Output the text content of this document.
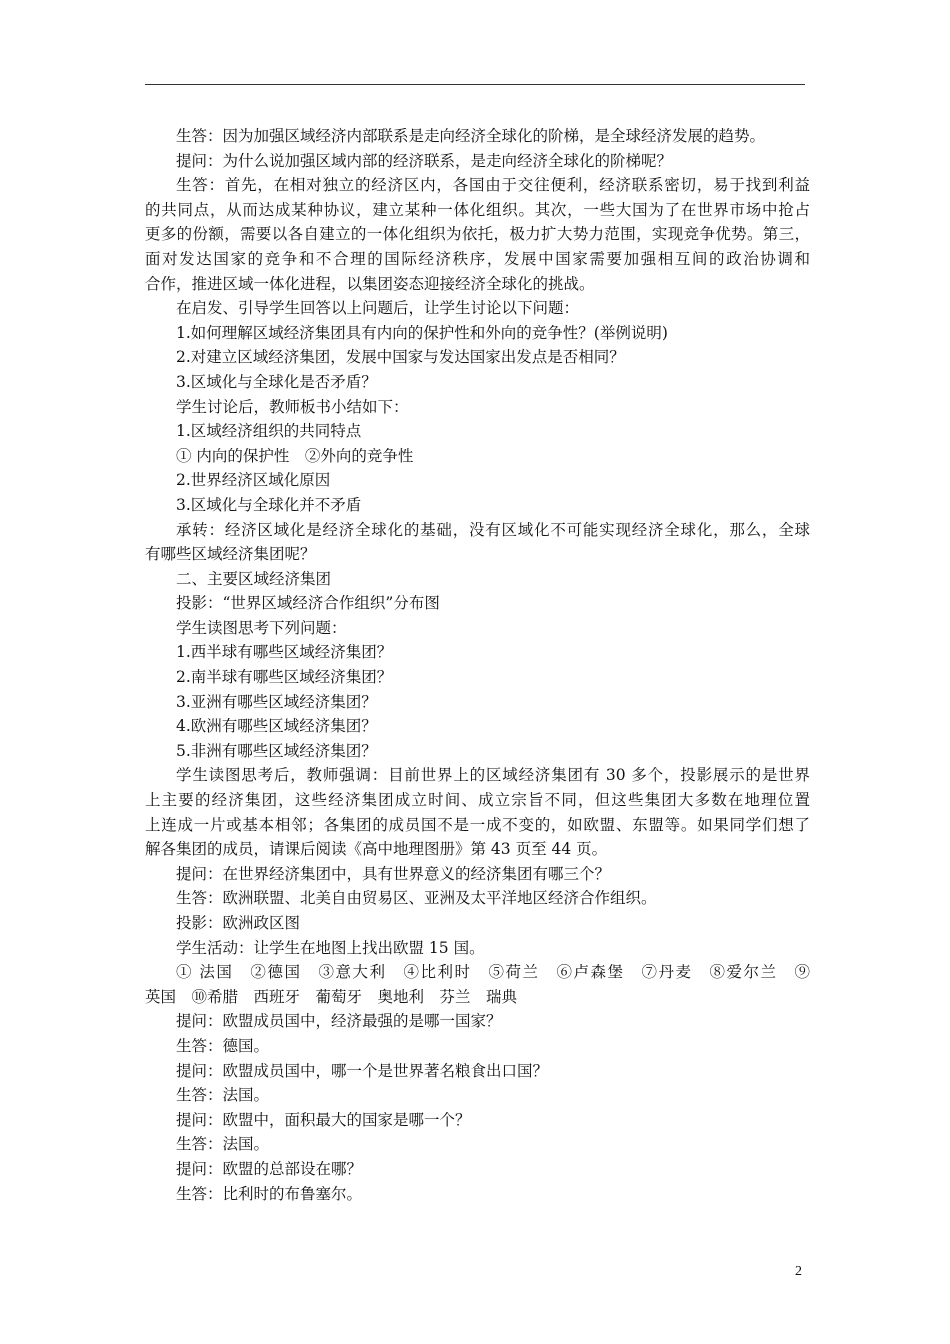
生答：因为加强区域经济内部联系是走向经济全球化的阶梯，是全球经济发展的趋势。
提问：为什么说加强区域内部的经济联系，是走向经济全球化的阶梯呢？
生答：首先，在相对独立的经济区内，各国由于交往便利，经济联系密切，易于找到利益
的共同点，从而达成某种协议，建立某种一体化组织。其次，一些大国为了在世界市场中抢占
更多的份额，需要以各自建立的一体化组织为依托，极力扩大势力范围，实现竞争优势。第三，
面对发达国家的竞争和不合理的国际经济秩序，发展中国家需要加强相互间的政治协调和
合作，推进区域一体化进程，以集团姿态迎接经济全球化的挑战。
在启发、引导学生回答以上问题后，让学生讨论以下问题：
1.如何理解区域经济集团具有内向的保护性和外向的竞争性？(举例说明)
2.对建立区域经济集团，发展中国家与发达国家出发点是否相同？
3.区域化与全球化是否矛盾？
学生讨论后，教师板书小结如下：
1.区域经济组织的共同特点
① 内向的保护性　②外向的竞争性
2.世界经济区域化原因
3.区域化与全球化并不矛盾
承转：经济区域化是经济全球化的基础，没有区域化不可能实现经济全球化，那么，全球
有哪些区域经济集团呢？
二、主要区域经济集团
投影：“世界区域经济合作组织”分布图
学生读图思考下列问题：
1.西半球有哪些区域经济集团？
2.南半球有哪些区域经济集团？
3.亚洲有哪些区域经济集团？
4.欧洲有哪些区域经济集团？
5.非洲有哪些区域经济集团？
学生读图思考后，教师强调：目前世界上的区域经济集团有 30 多个，投影展示的是世界
上主要的经济集团，这些经济集团成立时间、成立宗旨不同，但这些集团大多数在地理位置
上连成一片或基本相邻；各集团的成员国不是一成不变的，如欧盟、东盟等。如果同学们想了
解各集团的成员，请课后阅读《高中地理图册》第 43 页至 44 页。
提问：在世界经济集团中，具有世界意义的经济集团有哪三个？
生答：欧洲联盟、北美自由贸易区、亚洲及太平洋地区经济合作组织。
投影：欧洲政区图
学生活动：让学生在地图上找出欧盟 15 国。
① 法国　②德国　③意大利　④比利时　⑤荷兰　⑥卢森堡　⑦丹麦　⑧爱尔兰　⑨
英国　⑩希腊　西班牙　葡萄牙　奥地利　芬兰　瑞典
提问：欧盟成员国中，经济最强的是哪一国家？
生答：德国。
提问：欧盟成员国中，哪一个是世界著名粮食出口国？
生答：法国。
提问：欧盟中，面积最大的国家是哪一个？
生答：法国。
提问：欧盟的总部设在哪？
生答：比利时的布鲁塞尔。
2
